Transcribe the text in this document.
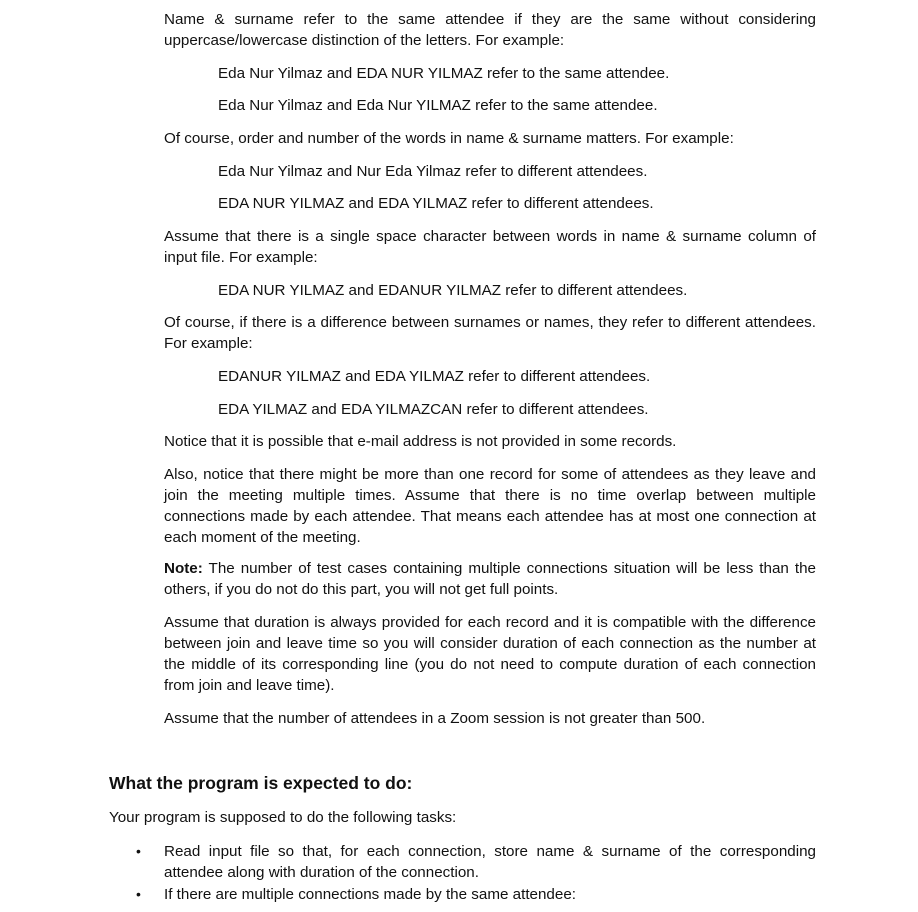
Name & surname refer to the same attendee if they are the same without considering uppercase/lowercase distinction of the letters. For example:

Eda Nur Yilmaz and EDA NUR YILMAZ refer to the same attendee.

Eda Nur Yilmaz and Eda Nur YILMAZ refer to the same attendee.

Of course, order and number of the words in name & surname matters. For example:

Eda Nur Yilmaz and Nur Eda Yilmaz refer to different attendees.

EDA NUR YILMAZ and EDA YILMAZ refer to different attendees.

Assume that there is a single space character between words in name & surname column of input file. For example:

EDA NUR YILMAZ and EDANUR YILMAZ refer to different attendees.

Of course, if there is a difference between surnames or names, they refer to different attendees. For example:

EDANUR YILMAZ and EDA YILMAZ refer to different attendees.

EDA YILMAZ and EDA YILMAZCAN refer to different attendees.

Notice that it is possible that e-mail address is not provided in some records.

Also, notice that there might be more than one record for some of attendees as they leave and join the meeting multiple times. Assume that there is no time overlap between multiple connections made by each attendee. That means each attendee has at most one connection at each moment of the meeting.

Note: The number of test cases containing multiple connections situation will be less than the others, if you do not do this part, you will not get full points.

Assume that duration is always provided for each record and it is compatible with the difference between join and leave time so you will consider duration of each connection as the number at the middle of its corresponding line (you do not need to compute duration of each connection from join and leave time).

Assume that the number of attendees in a Zoom session is not greater than 500.

What the program is expected to do:

Your program is supposed to do the following tasks:

•	Read input file so that, for each connection, store name & surname of the corresponding attendee along with duration of the connection.
•	If there are multiple connections made by the same attendee:
